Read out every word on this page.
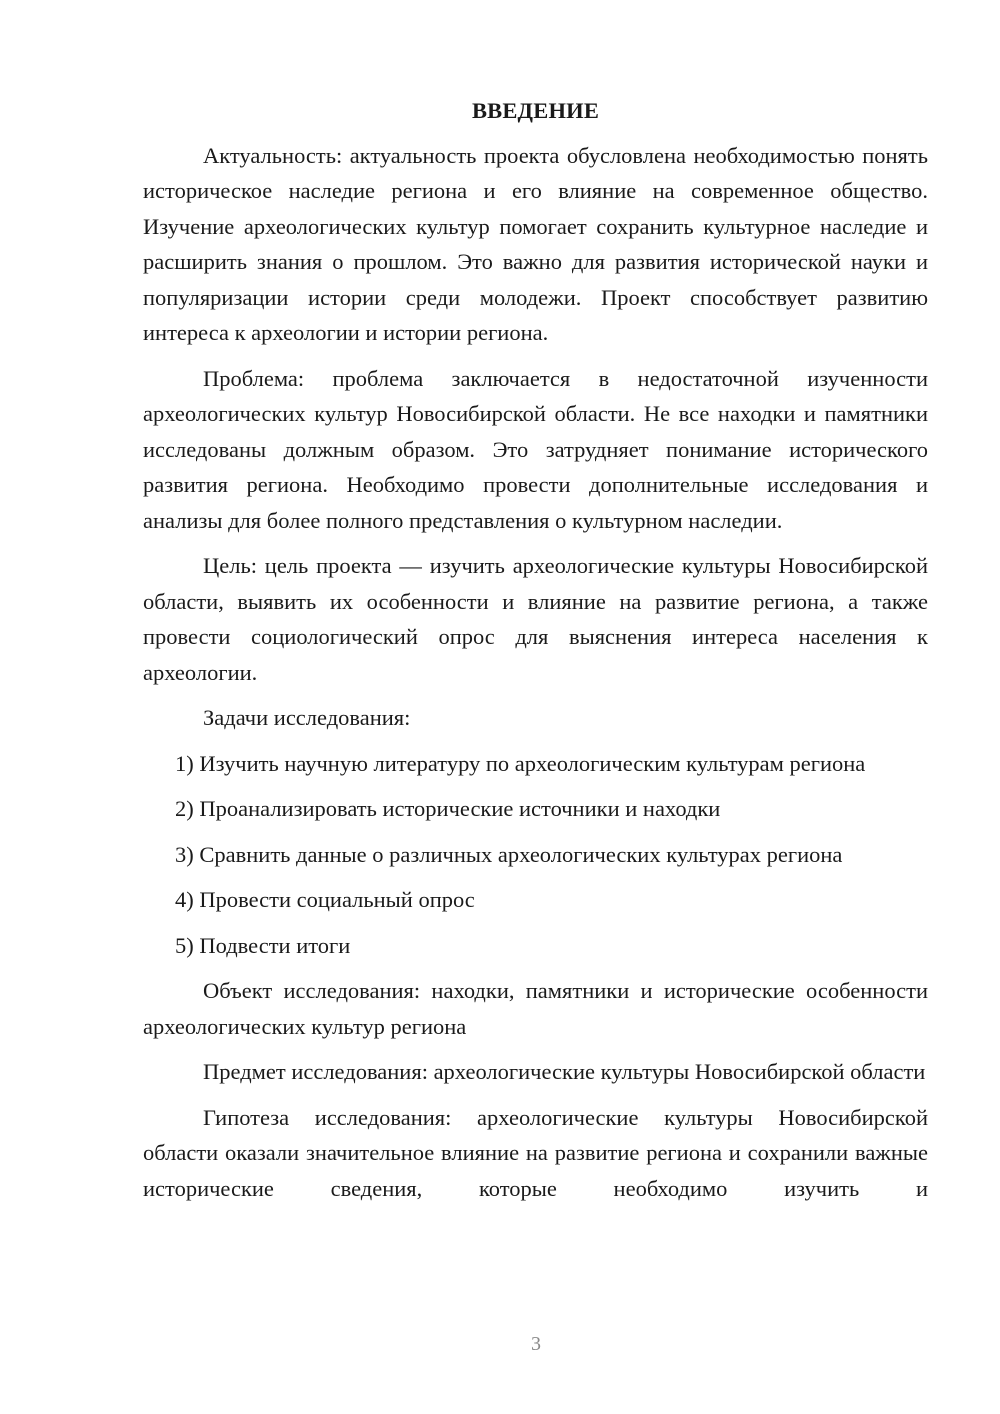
ВВЕДЕНИЕ

Актуальность: актуальность проекта обусловлена необходимостью понять историческое наследие региона и его влияние на современное общество. Изучение археологических культур помогает сохранить культурное наследие и расширить знания о прошлом. Это важно для развития исторической науки и популяризации истории среди молодежи. Проект способствует развитию интереса к археологии и истории региона.

Проблема: проблема заключается в недостаточной изученности археологических культур Новосибирской области. Не все находки и памятники исследованы должным образом. Это затрудняет понимание исторического развития региона. Необходимо провести дополнительные исследования и анализы для более полного представления о культурном наследии.

Цель: цель проекта — изучить археологические культуры Новосибирской области, выявить их особенности и влияние на развитие региона, а также провести социологический опрос для выяснения интереса населения к археологии.

Задачи исследования:

1) Изучить научную литературу по археологическим культурам региона

2) Проанализировать исторические источники и находки

3) Сравнить данные о различных археологических культурах региона

4) Провести социальный опрос

5) Подвести итоги

Объект исследования: находки, памятники и исторические особенности археологических культур региона

Предмет исследования: археологические культуры Новосибирской области

Гипотеза исследования: археологические культуры Новосибирской области оказали значительное влияние на развитие региона и сохранили важные исторические сведения, которые необходимо изучить и

3
